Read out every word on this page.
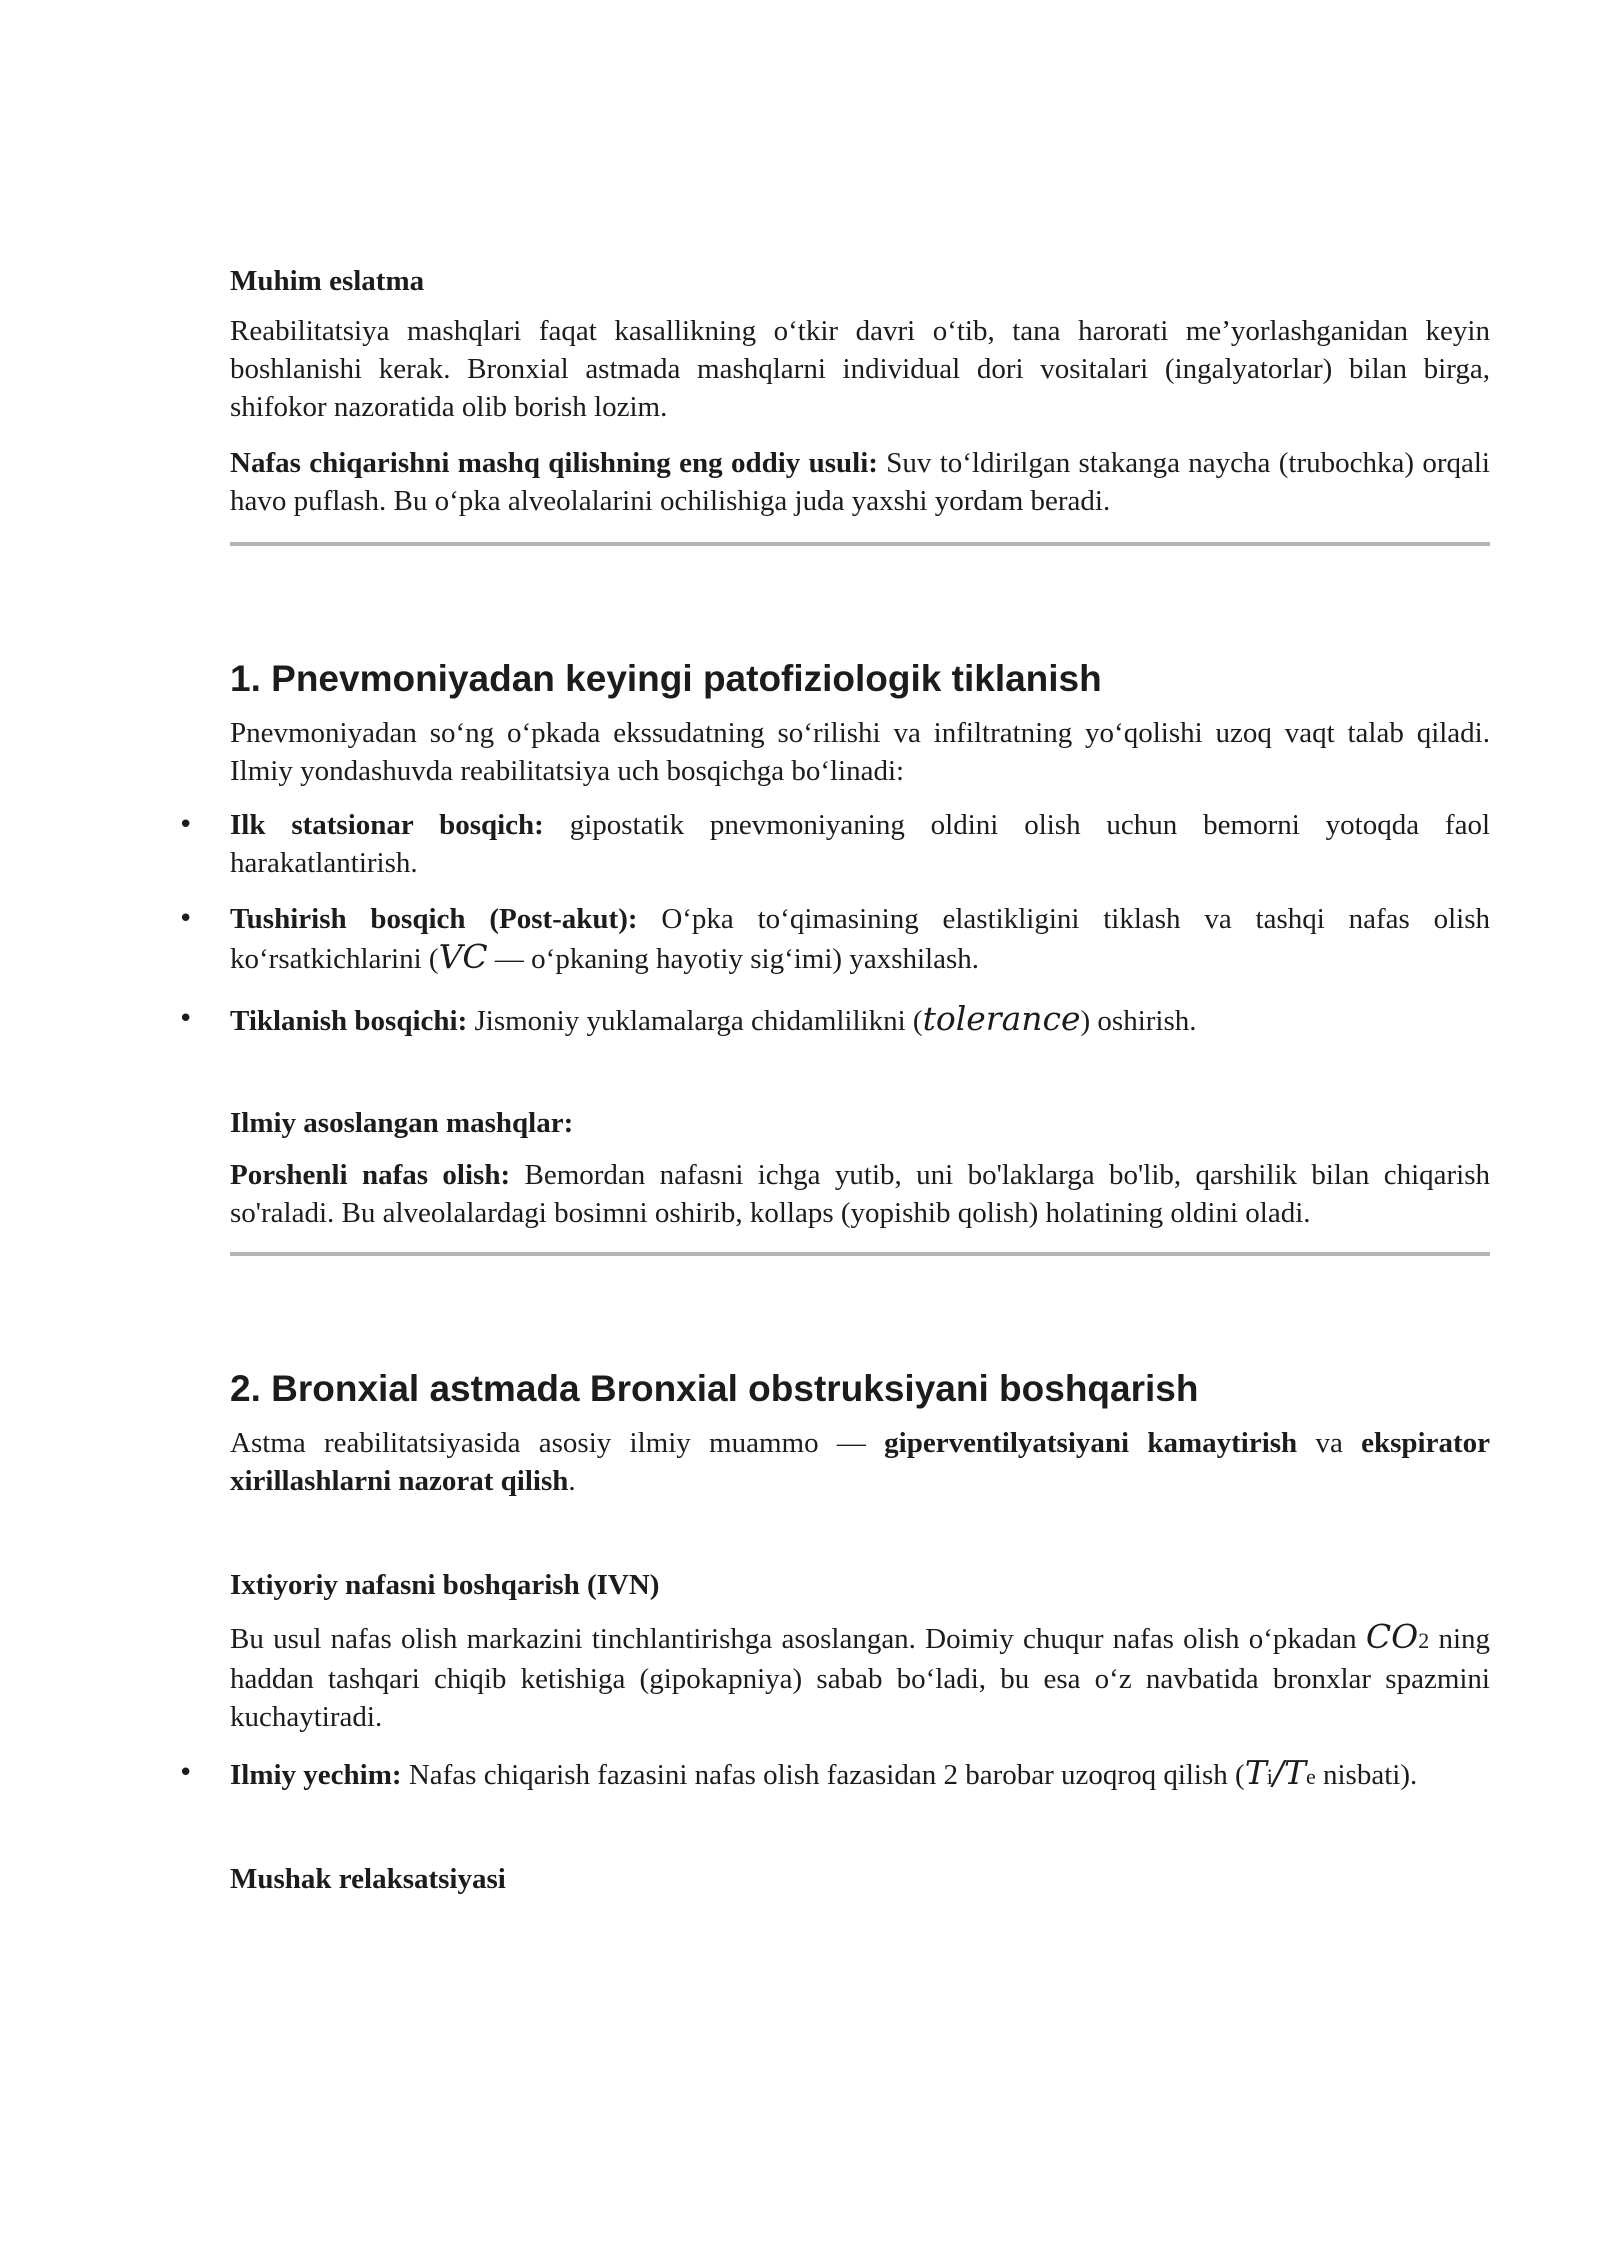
Muhim eslatma

Reabilitatsiya mashqlari faqat kasallikning o‘tkir davri o‘tib, tana harorati me’yorlashganidan keyin boshlanishi kerak. Bronxial astmada mashqlarni individual dori vositalari (ingalyatorlar) bilan birga, shifokor nazoratida olib borish lozim.

Nafas chiqarishni mashq qilishning eng oddiy usuli: Suv to‘ldirilgan stakanga naycha (trubochka) orqali havo puflash. Bu o‘pka alveolalarini ochilishiga juda yaxshi yordam beradi.

1. Pnevmoniyadan keyingi patofiziologik tiklanish

Pnevmoniyadan so‘ng o‘pkada ekssudatning so‘rilishi va infiltratning yo‘qolishi uzoq vaqt talab qiladi. Ilmiy yondashuvda reabilitatsiya uch bosqichga bo‘linadi:

• Ilk statsionar bosqich: gipostatik pnevmoniyaning oldini olish uchun bemorni yotoqda faol harakatlantirish.
• Tushirish bosqich (Post-akut): O‘pka to‘qimasining elastikligini tiklash va tashqi nafas olish ko‘rsatkichlarini (VC — o‘pkaning hayotiy sig‘imi) yaxshilash.
• Tiklanish bosqichi: Jismoniy yuklamalarga chidamlilikni (tolerance) oshirish.
Ilmiy asoslangan mashqlar:

Porshenli nafas olish: Bemordan nafasni ichga yutib, uni bo'laklarga bo'lib, qarshilik bilan chiqarish so'raladi. Bu alveolalardagi bosimni oshirib, kollaps (yopishib qolish) holatining oldini oladi.

2. Bronxial astmada Bronxial obstruksiyani boshqarish

Astma reabilitatsiyasida asosiy ilmiy muammo — giperventilyatsiyani kamaytirish va ekspirator xirillashlarni nazorat qilish.

Ixtiyoriy nafasni boshqarish (IVN)

Bu usul nafas olish markazini tinchlantirishga asoslangan. Doimiy chuqur nafas olish o‘pkadan CO2 ning haddan tashqari chiqib ketishiga (gipokapniya) sabab bo‘ladi, bu esa o‘z navbatida bronxlar spazmini kuchaytiradi.

• Ilmiy yechim: Nafas chiqarish fazasini nafas olish fazasidan 2 barobar uzoqroq qilish (Ti/Te nisbati).
Mushak relaksatsiyasi
